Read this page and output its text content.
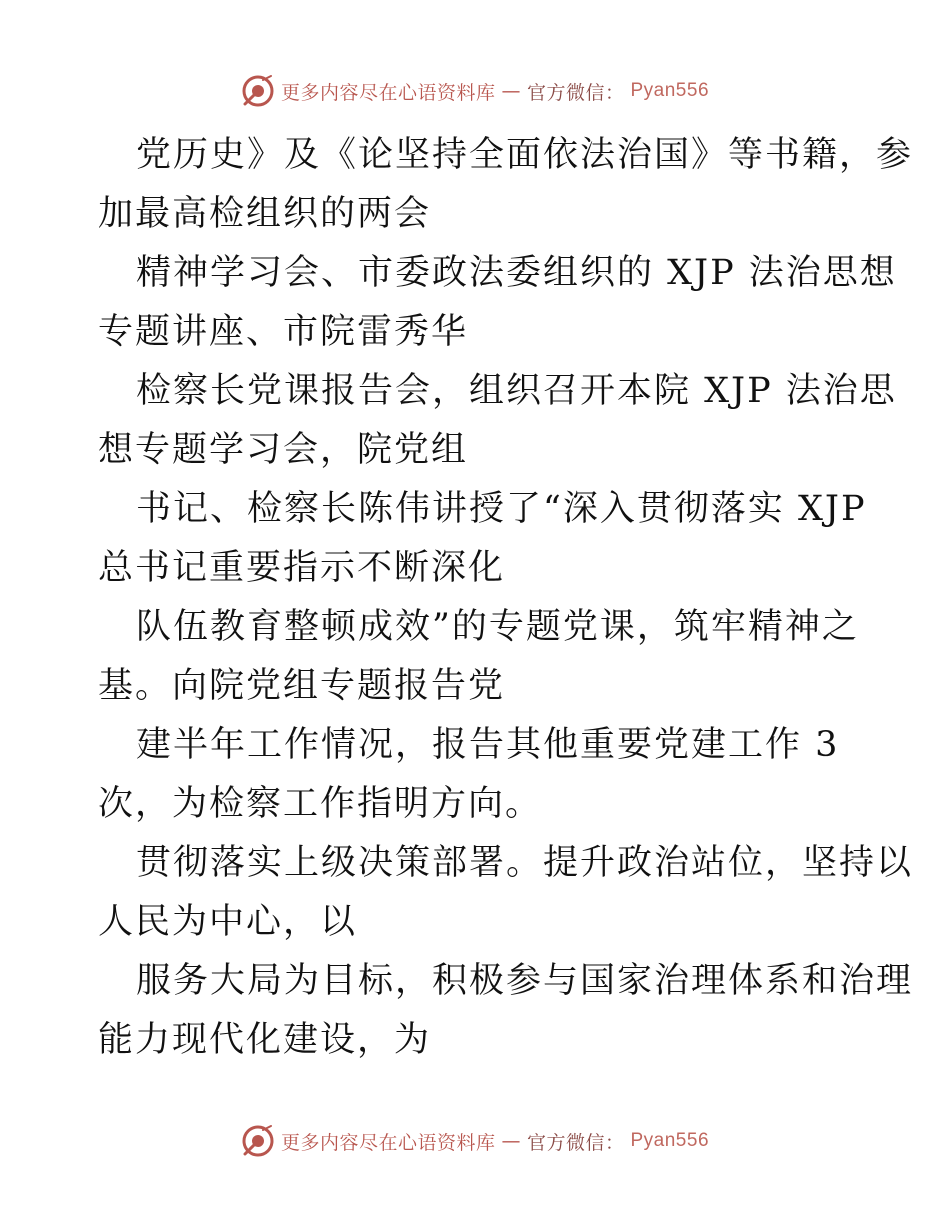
更多内容尽在心语资料库 — 官方微信： Pyan556
党历史》及《论坚持全面依法治国》等书籍，参
加最高检组织的两会
精神学习会、市委政法委组织的 XJP 法治思想
专题讲座、市院雷秀华
检察长党课报告会，组织召开本院 XJP 法治思
想专题学习会，院党组
书记、检察长陈伟讲授了“深入贯彻落实 XJP
总书记重要指示不断深化
队伍教育整顿成效”的专题党课，筑牢精神之
基。向院党组专题报告党
建半年工作情况，报告其他重要党建工作 3
次，为检察工作指明方向。
贯彻落实上级决策部署。提升政治站位，坚持以
人民为中心，以
服务大局为目标，积极参与国家治理体系和治理
能力现代化建设，为
更多内容尽在心语资料库 — 官方微信： Pyan556
